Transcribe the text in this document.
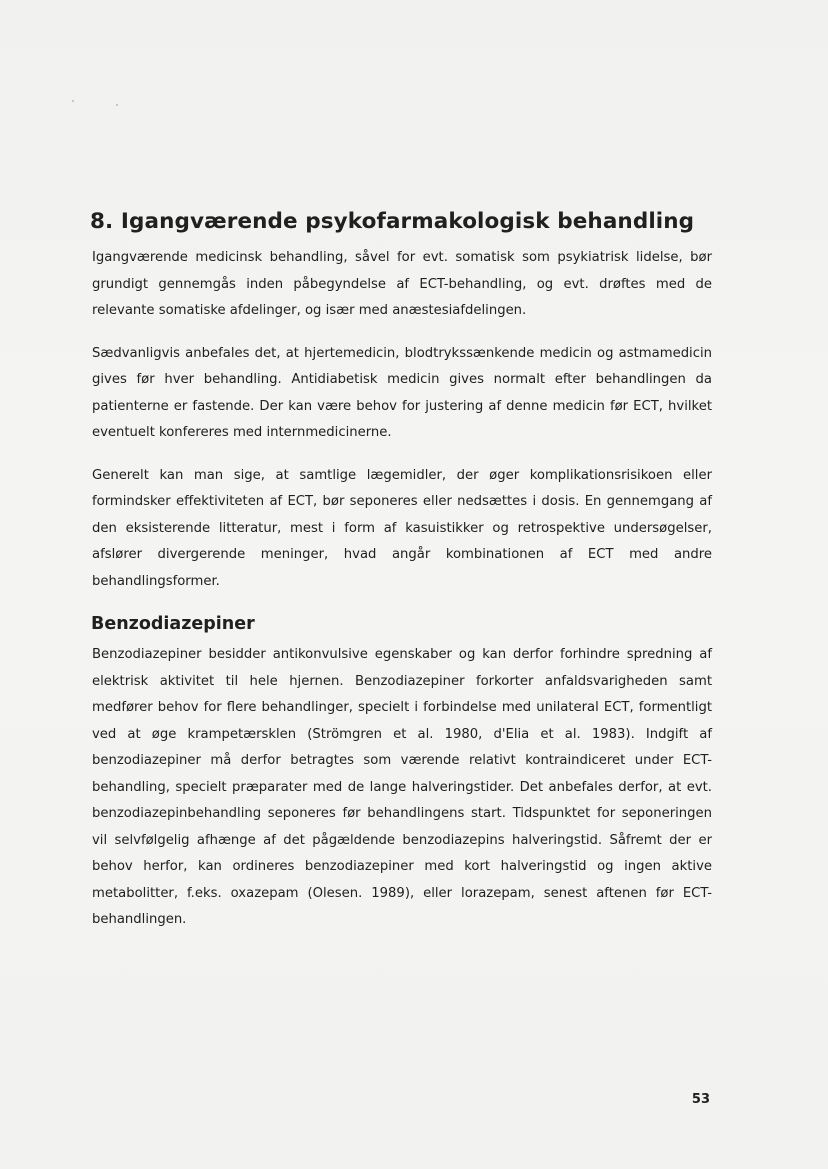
8. Igangværende psykofarmakologisk behandling

Igangværende medicinsk behandling, såvel for evt. somatisk som psykiatrisk lidelse, bør grundigt gennemgås inden påbegyndelse af ECT-behandling, og evt. drøftes med de relevante somatiske afdelinger, og især med anæstesiafdelingen.

Sædvanligvis anbefales det, at hjertemedicin, blodtrykssænkende medicin og astmamedicin gives før hver behandling. Antidiabetisk medicin gives normalt efter behandlingen da patienterne er fastende. Der kan være behov for justering af denne medicin før ECT, hvilket eventuelt konfereres med internmedicinerne.

Generelt kan man sige, at samtlige lægemidler, der øger komplikationsrisikoen eller formindsker effektiviteten af ECT, bør seponeres eller nedsættes i dosis. En gennemgang af den eksisterende litteratur, mest i form af kasuistikker og retrospektive undersøgelser, afslører divergerende meninger, hvad angår kombinationen af ECT med andre behandlingsformer.

Benzodiazepiner

Benzodiazepiner besidder antikonvulsive egenskaber og kan derfor forhindre spredning af elektrisk aktivitet til hele hjernen. Benzodiazepiner forkorter anfaldsvarigheden samt medfører behov for flere behandlinger, specielt i forbindelse med unilateral ECT, formentligt ved at øge krampetærsklen (Strömgren et al. 1980, d'Elia et al. 1983). Indgift af benzodiazepiner må derfor betragtes som værende relativt kontraindiceret under ECT-behandling, specielt præparater med de lange halveringstider. Det anbefales derfor, at evt. benzodiazepinbehandling seponeres før behandlingens start. Tidspunktet for seponeringen vil selvfølgelig afhænge af det pågældende benzodiazepins halveringstid. Såfremt der er behov herfor, kan ordineres benzodiazepiner med kort halveringstid og ingen aktive metabolitter, f.eks. oxazepam (Olesen. 1989), eller lorazepam, senest aftenen før ECT-behandlingen.

53
